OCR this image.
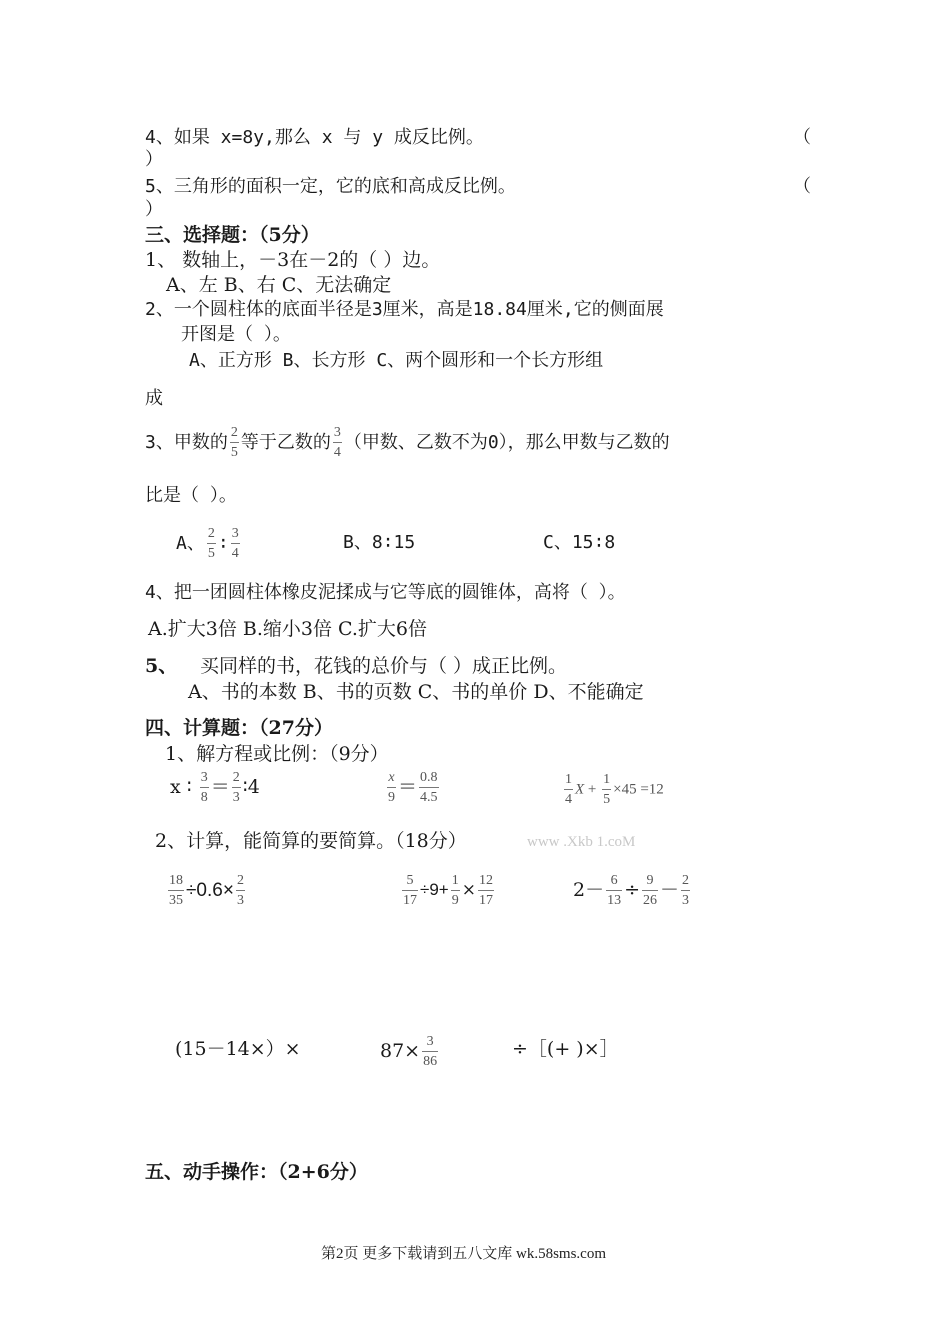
4、如果 x=8y,那么 x 与 y 成反比例。	（
）
5、三角形的面积一定，它的底和高成反比例。	（
）
三、选择题：（5分）
1、 数轴上，－3在－2的（ ）边。
A、左 B、右 C、无法确定
2、一个圆柱体的底面半径是3厘米，高是18.84厘米,它的侧面展
开图是（ ）。
A、正方形 B、长方形 C、两个圆形和一个长方形组
成
3、甲数的 $\frac{2}{5}$ 等于乙数的 $\frac{3}{4}$ （甲数、乙数不为0），那么甲数与乙数的
比是（ ）。
A、 $\frac{2}{5}$ ∶ $\frac{3}{4}$	B、8∶15	C、15∶8
4、把一团圆柱体橡皮泥揉成与它等底的圆锥体，高将（ ）。
A.扩大3倍 B.缩小3倍 C.扩大6倍
5、 买同样的书，花钱的总价与（ ）成正比例。
A、书的本数 B、书的页数 C、书的单价 D、不能确定
四、计算题：（27分）
1、解方程或比例：（9分）
x ∶ $\frac{3}{8} = \frac{2}{3}$ ∶4	$\frac{x}{9} = \frac{0.8}{4.5}$	$\frac{1}{4}$ $X + \frac{1}{5} \times 45 =12$
2、计算，能简算的要简算。（18分）	www .Xkb 1.coM
$\frac{18}{35} \div 0.6\times \frac{2}{3}$	$\frac{5}{17} \div 9+ \frac{1}{9} \times \frac{12}{17}$	$2- \frac{6}{13} \div \frac{9}{26} - \frac{2}{3}$
(15－14×）×	$87\times \frac{3}{86}$	÷［(+ )×］
五、动手操作：（2+6分）
第2页 更多下载请到五八文库 wk.58sms.com
